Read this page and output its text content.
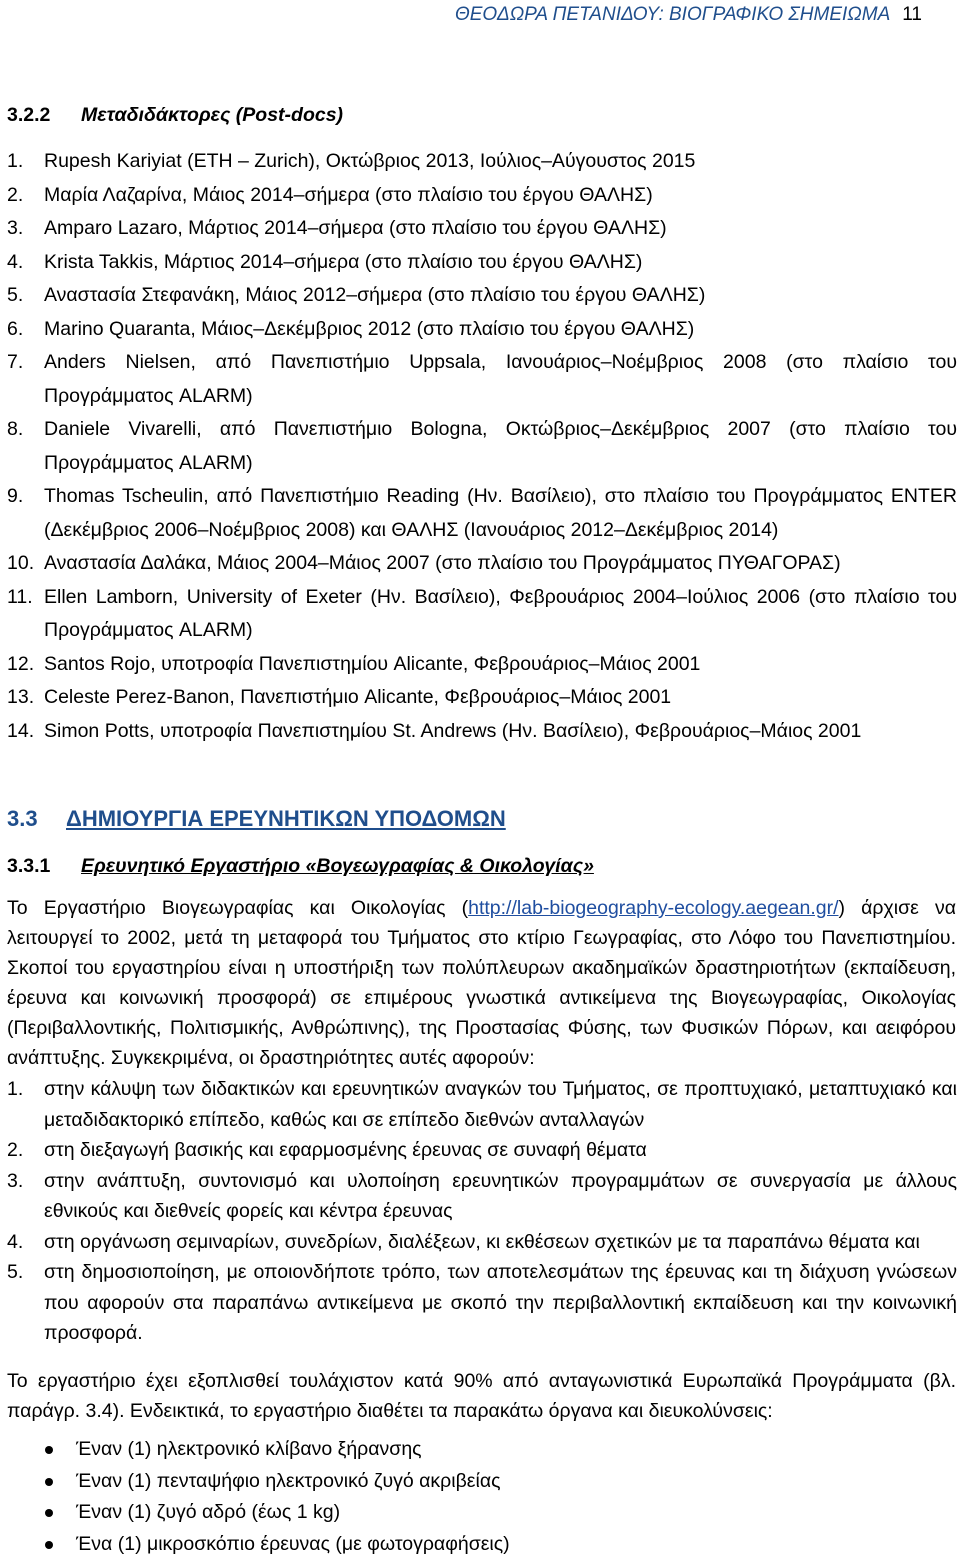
ΘΕΟΔΩΡΑ ΠΕΤΑΝΙΔΟΥ: ΒΙΟΓΡΑΦΙΚΟ ΣΗΜΕΙΩΜΑ 11
3.2.2 Μεταδιδάκτορες (Post-docs)
1. Rupesh Kariyiat (ETH – Zurich), Οκτώβριος 2013, Ιούλιος–Αύγουστος 2015
2. Μαρία Λαζαρίνα, Μάιος 2014–σήμερα (στο πλαίσιο του έργου ΘΑΛΗΣ)
3. Amparo Lazaro, Μάρτιος 2014–σήμερα (στο πλαίσιο του έργου ΘΑΛΗΣ)
4. Krista Takkis, Μάρτιος 2014–σήμερα (στο πλαίσιο του έργου ΘΑΛΗΣ)
5. Αναστασία Στεφανάκη, Μάιος 2012–σήμερα (στο πλαίσιο του έργου ΘΑΛΗΣ)
6. Marino Quaranta, Μάιος–Δεκέμβριος 2012 (στο πλαίσιο του έργου ΘΑΛΗΣ)
7. Anders Nielsen, από Πανεπιστήμιο Uppsala, Ιανουάριος–Νοέμβριος 2008 (στο πλαίσιο του Προγράμματος ALARM)
8. Daniele Vivarelli, από Πανεπιστήμιο Bologna, Οκτώβριος–Δεκέμβριος 2007 (στο πλαίσιο του Προγράμματος ALARM)
9. Thomas Tscheulin, από Πανεπιστήμιο Reading (Ην. Βασίλειο), στο πλαίσιο του Προγράμματος ENTER (Δεκέμβριος 2006–Νοέμβριος 2008) και ΘΑΛΗΣ (Ιανουάριος 2012–Δεκέμβριος 2014)
10. Αναστασία Δαλάκα, Μάιος 2004–Μάιος 2007 (στο πλαίσιο του Προγράμματος ΠΥΘΑΓΟΡΑΣ)
11. Ellen Lamborn, University of Exeter (Ην. Βασίλειο), Φεβρουάριος 2004–Ιούλιος 2006 (στο πλαίσιο του Προγράμματος ALARM)
12. Santos Rojo, υποτροφία Πανεπιστημίου Alicante, Φεβρουάριος–Μάιος 2001
13. Celeste Perez-Banon, Πανεπιστήμιο Alicante, Φεβρουάριος–Μάιος 2001
14. Simon Potts, υποτροφία Πανεπιστημίου St. Andrews (Ην. Βασίλειο), Φεβρουάριος–Μάιος 2001
3.3 ΔΗΜΙΟΥΡΓΙΑ ΕΡΕΥΝΗΤΙΚΩΝ ΥΠΟΔΟΜΩΝ
3.3.1 Ερευνητικό Εργαστήριο «Βογεωγραφίας & Οικολογίας»

Το Εργαστήριο Βιογεωγραφίας και Οικολογίας (http://lab-biogeography-ecology.aegean.gr/) άρχισε να λειτουργεί το 2002, μετά τη μεταφορά του Τμήματος στο κτίριο Γεωγραφίας, στο Λόφο του Πανεπιστημίου. Σκοποί του εργαστηρίου είναι η υποστήριξη των πολύπλευρων ακαδημαϊκών δραστηριοτήτων (εκπαίδευση, έρευνα και κοινωνική προσφορά) σε επιμέρους γνωστικά αντικείμενα της Βιογεωγραφίας, Οικολογίας (Περιβαλλοντικής, Πολιτισμικής, Ανθρώπινης), της Προστασίας Φύσης, των Φυσικών Πόρων, και αειφόρου ανάπτυξης. Συγκεκριμένα, οι δραστηριότητες αυτές αφορούν:

1. στην κάλυψη των διδακτικών και ερευνητικών αναγκών του Τμήματος, σε προπτυχιακό, μεταπτυχιακό και μεταδιδακτορικό επίπεδο, καθώς και σε επίπεδο διεθνών ανταλλαγών
2. στη διεξαγωγή βασικής και εφαρμοσμένης έρευνας σε συναφή θέματα
3. στην ανάπτυξη, συντονισμό και υλοποίηση ερευνητικών προγραμμάτων σε συνεργασία με άλλους εθνικούς και διεθνείς φορείς και κέντρα έρευνας
4. στη οργάνωση σεμιναρίων, συνεδρίων, διαλέξεων, κι εκθέσεων σχετικών με τα παραπάνω θέματα και
5. στη δημοσιοποίηση, με οποιονδήποτε τρόπο, των αποτελεσμάτων της έρευνας και τη διάχυση γνώσεων που αφορούν στα παραπάνω αντικείμενα με σκοπό την περιβαλλοντική εκπαίδευση και την κοινωνική προσφορά.

Το εργαστήριο έχει εξοπλισθεί τουλάχιστον κατά 90% από ανταγωνιστικά Ευρωπαϊκά Προγράμματα (βλ. παράγρ. 3.4). Ενδεικτικά, το εργαστήριο διαθέτει τα παρακάτω όργανα και διευκολύνσεις:

Έναν (1) ηλεκτρονικό κλίβανο ξήρανσης
Έναν (1) πενταψήφιο ηλεκτρονικό ζυγό ακριβείας
Έναν (1) ζυγό αδρό (έως 1 kg)
Ένα (1) μικροσκόπιο έρευνας (με φωτογραφήσεις)
